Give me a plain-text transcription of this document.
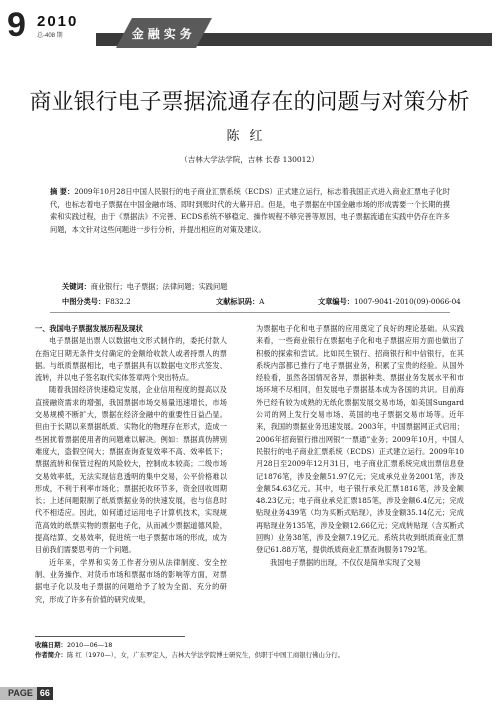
9 2010
总-408 期	金融实务
商业银行电子票据流通存在的问题与对策分析
陈红
（吉林大学法学院，吉林 长春 130012）
摘 要：2009年10月28日中国人民银行的电子商业汇票系统（ECDS）正式建立运行，标志着我国正式进入商业汇票电子化时代，也标志着电子票据在中国金融市场、即时到账时代的大幕开启。但是，电子票据在中国金融市场的形成需要一个长期的摸索和实践过程，由于《票据法》不完善、ECDS系统不够稳定、操作规程不够完善等原因，电子票据流通在实践中仍存在许多问题，本文针对这些问题进一步行分析，并提出相应的对策及建议。
关键词：商业银行；电子票据；法律问题；实践问题
中图分类号：F832.2	文献标识码：A	文章编号：1007-9041-2010(09)-0066-04

一、我国电子票据发展历程及现状

电子票据是出票人以数据电文形式制作的，委托付款人在指定日期无条件支付确定的金额给收款人或者持票人的票据。与纸质票据相比，电子票据具有以数据电文形式签发、流转，并以电子签名取代实体签章两个突出特点。

随着我国经济快速稳定发展，企业信用程度的提高以及直接融资需求的增强，我国票据市场交易量迅速增长，市场交易规模不断扩大，票据在经济金融中的重要性日益凸显。但由于长期以来票据纸质、实物化的物理存在形式，造成一些困扰着票据使用者的问题难以解决。例如：票据真伪辨别难度大，盗假空间大；票据查询查复效率不高、效率低下；票据流转和保管过程的风险较大，控制成本较高；二级市场交易效率低，无法实现信息透明的集中交易，公平价格难以形成，不利于利率市场化；票据托收环节多，资金回收周期长；上述问题限制了纸质票据业务的快速发展，也与信息时代不相适应。因此，如何通过运用电子计算机技术，实现规范高效的纸票实物的票据电子化，从而减少票据道德风险，提高结算、交易效率，促进统一电子票据市场的形成，成为目前我们需要思考的一个问题。

近年来，学界和实务工作者分别从法律制度、安全控制、业务操作、对货币市场和票据市场的影响等方面，对票据电子化以及电子票据的问题给予了较为全面、充分的研究，形成了许多有价值的研究成果，

为票据电子化和电子票据的应用奠定了良好的理论基础。从实践来看，一些商业银行在票据电子化和电子票据应用方面也做出了积极的探索和尝试。比如民生银行、招商银行和中信银行，在其系统内部都已推行了电子票据业务，积累了宝贵的经验。从国外经验看，虽然各国情况各异，票据种类、票据业务发展水平和市场环境不尽相同，但发展电子票据基本成为各国的共识。目前海外已经有较为成熟的无纸化票据发展交易市场，如美国Sungard公司的网上发行交易市场、英国的电子票据交易市场等。近年来，我国的票据业务迅速发展。2003年，中国票据网正式启用；2006年招商银行推出网银“一票通”业务；2009年10月，中国人民银行的电子商业汇票系统（ECDS）正式建立运行。2009年10月28日至2009年12月31日，电子商业汇票系统完成出票信息登记1876笔，涉及金额51.97亿元；完成承兑业务2001笔，涉及金额54.63亿元。其中，电子银行承兑汇票1816笔，涉及金额48.23亿元；电子商业承兑汇票185笔，涉及金额6.4亿元；完成贴现业务439笔（均为买断式贴现），涉及金额35.14亿元；完成再贴现业务135笔，涉及金额12.66亿元；完成转贴现（含买断式回购）业务38笔，涉及金额7.19亿元。系统共收到纸质商业汇票登记61.88万笔，提供纸质商业汇票查询服务1792笔。

我国电子票据的出现，不仅仅是简单实现了交易

收稿日期：2010—06—18
作者简介：陈 红（1970—），女，广东罗定人，吉林大学法学院博士研究生，供职于中国工商银行佛山分行。
PAGE 66
